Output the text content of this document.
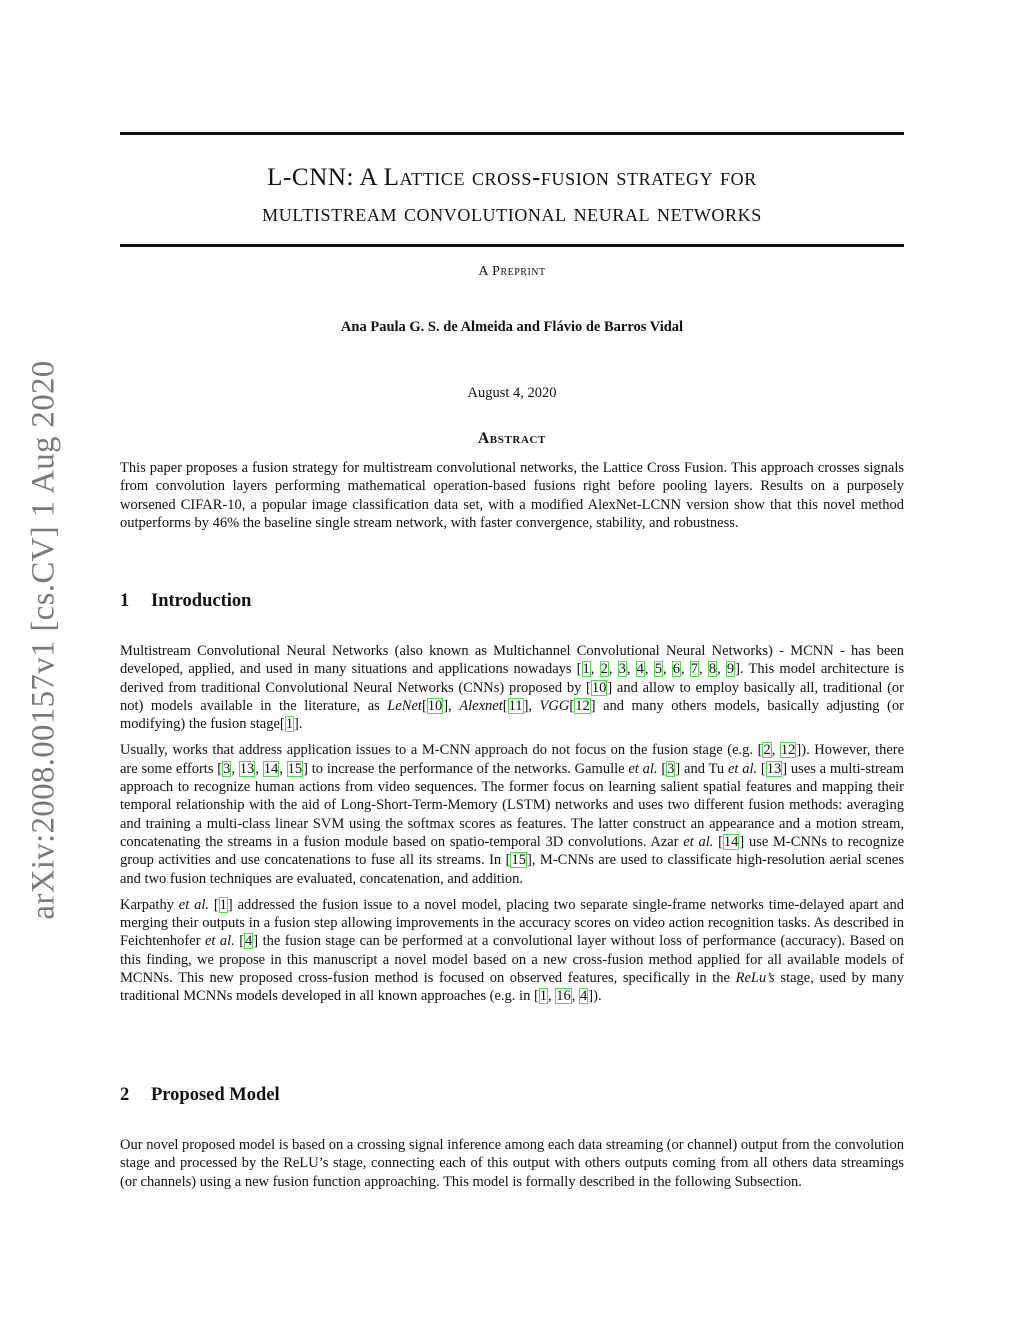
arXiv:2008.00157v1 [cs.CV] 1 Aug 2020
L-CNN: A Lattice cross-fusion strategy for
multistream convolutional neural networks
A Preprint
Ana Paula G. S. de Almeida and Flávio de Barros Vidal
August 4, 2020
Abstract

This paper proposes a fusion strategy for multistream convolutional networks, the Lattice Cross Fusion. This approach crosses signals from convolution layers performing mathematical operation-based fusions right before pooling layers. Results on a purposely worsened CIFAR-10, a popular image classification data set, with a modified AlexNet-LCNN version show that this novel method outperforms by 46% the baseline single stream network, with faster convergence, stability, and robustness.

1 Introduction

Multistream Convolutional Neural Networks (also known as Multichannel Convolutional Neural Networks) - MCNN - has been developed, applied, and used in many situations and applications nowadays [1, 2, 3, 4, 5, 6, 7, 8, 9]. This model architecture is derived from traditional Convolutional Neural Networks (CNNs) proposed by [10] and allow to employ basically all, traditional (or not) models available in the literature, as LeNet[10], Alexnet[11], VGG[12] and many others models, basically adjusting (or modifying) the fusion stage[1].

Usually, works that address application issues to a M-CNN approach do not focus on the fusion stage (e.g. [2, 12]). However, there are some efforts [3, 13, 14, 15] to increase the performance of the networks. Gamulle et al. [3] and Tu et al. [13] uses a multi-stream approach to recognize human actions from video sequences. The former focus on learning salient spatial features and mapping their temporal relationship with the aid of Long-Short-Term-Memory (LSTM) networks and uses two different fusion methods: averaging and training a multi-class linear SVM using the softmax scores as features. The latter construct an appearance and a motion stream, concatenating the streams in a fusion module based on spatio-temporal 3D convolutions. Azar et al. [14] use M-CNNs to recognize group activities and use concatenations to fuse all its streams. In [15], M-CNNs are used to classificate high-resolution aerial scenes and two fusion techniques are evaluated, concatenation, and addition.

Karpathy et al. [1] addressed the fusion issue to a novel model, placing two separate single-frame networks time-delayed apart and merging their outputs in a fusion step allowing improvements in the accuracy scores on video action recognition tasks. As described in Feichtenhofer et al. [4] the fusion stage can be performed at a convolutional layer without loss of performance (accuracy). Based on this finding, we propose in this manuscript a novel model based on a new cross-fusion method applied for all available models of MCNNs. This new proposed cross-fusion method is focused on observed features, specifically in the ReLu’s stage, used by many traditional MCNNs models developed in all known approaches (e.g. in [1, 16, 4]).

2 Proposed Model

Our novel proposed model is based on a crossing signal inference among each data streaming (or channel) output from the convolution stage and processed by the ReLU’s stage, connecting each of this output with others outputs coming from all others data streamings (or channels) using a new fusion function approaching. This model is formally described in the following Subsection.
